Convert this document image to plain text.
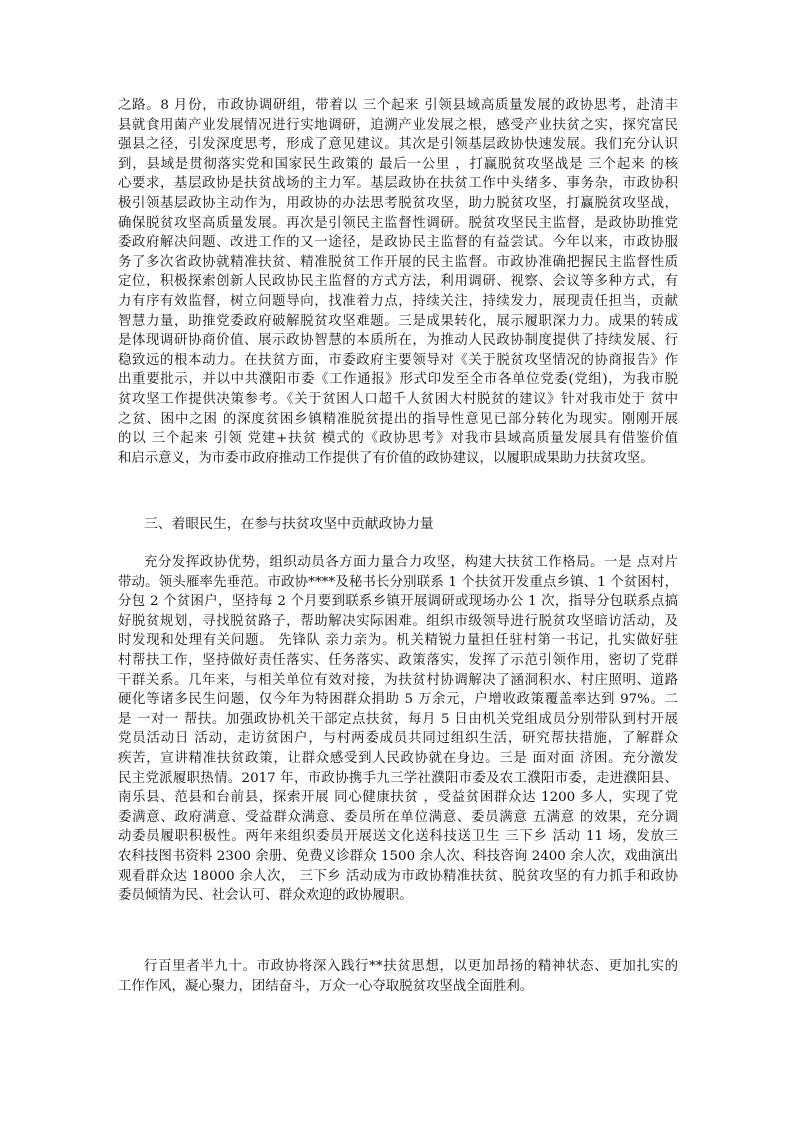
之路。8 月份，市政协调研组，带着以 三个起来 引领县域高质量发展的政协思考，赴清丰
县就食用菌产业发展情况进行实地调研，追溯产业发展之根，感受产业扶贫之实，探究富民
强县之径，引发深度思考，形成了意见建议。其次是引领基层政协快速发展。我们充分认识
到，县域是贯彻落实党和国家民生政策的 最后一公里 ，打赢脱贫攻坚战是 三个起来 的核
心要求，基层政协是扶贫战场的主力军。基层政协在扶贫工作中头绪多、事务杂，市政协积
极引领基层政协主动作为，用政协的办法思考脱贫攻坚，助力脱贫攻坚，打赢脱贫攻坚战，
确保脱贫攻坚高质量发展。再次是引领民主监督性调研。脱贫攻坚民主监督，是政协助推党
委政府解决问题、改进工作的又一途径，是政协民主监督的有益尝试。今年以来，市政协服
务了多次省政协就精准扶贫、精准脱贫工作开展的民主监督。市政协准确把握民主监督性质
定位，积极探索创新人民政协民主监督的方式方法，利用调研、视察、会议等多种方式，有
力有序有效监督，树立问题导向，找准着力点，持续关注，持续发力，展现责任担当，贡献
智慧力量，助推党委政府破解脱贫攻坚难题。三是成果转化，展示履职深力力。成果的转成
是体现调研协商价值、展示政协智慧的本质所在，为推动人民政协制度提供了持续发展、行
稳致远的根本动力。在扶贫方面，市委政府主要领导对《关于脱贫攻坚情况的协商报告》作
出重要批示，并以中共濮阳市委《工作通报》形式印发至全市各单位党委(党组)，为我市脱
贫攻坚工作提供决策参考。《关于贫困人口超千人贫困大村脱贫的建议》针对我市处于 贫中
之贫、困中之困 的深度贫困乡镇精准脱贫提出的指导性意见已部分转化为现实。刚刚开展
的以 三个起来 引领 党建+扶贫 模式的《政协思考》对我市县域高质量发展具有借鉴价值
和启示意义，为市委市政府推动工作提供了有价值的政协建议，以履职成果助力扶贫攻坚。
三、着眼民生，在参与扶贫攻坚中贡献政协力量
充分发挥政协优势，组织动员各方面力量合力攻坚，构建大扶贫工作格局。一是 点对片
带动。领头雁率先垂范。市政协****及秘书长分别联系 1 个扶贫开发重点乡镇、1 个贫困村，
分包 2 个贫困户，坚持每 2 个月要到联系乡镇开展调研或现场办公 1 次，指导分包联系点搞
好脱贫规划，寻找脱贫路子，帮助解决实际困难。组织市级领导进行脱贫攻坚暗访活动，及
时发现和处理有关问题。 先锋队 亲力亲为。机关精锐力量担任驻村第一书记，扎实做好驻
村帮扶工作，坚持做好责任落实、任务落实、政策落实，发挥了示范引领作用，密切了党群
干群关系。几年来，与相关单位有效对接，为扶贫村协调解决了涵洞积水、村庄照明、道路
硬化等诸多民生问题，仅今年为特困群众捐助 5 万余元，户增收政策覆盖率达到 97%。二
是 一对一 帮扶。加强政协机关干部定点扶贫，每月 5 日由机关党组成员分别带队到村开展
党员活动日 活动，走访贫困户，与村两委成员共同过组织生活，研究帮扶措施，了解群众
疾苦，宣讲精准扶贫政策，让群众感受到人民政协就在身边。三是 面对面 济困。充分激发
民主党派履职热情。2017 年，市政协携手九三学社濮阳市委及农工濮阳市委，走进濮阳县、
南乐县、范县和台前县，探索开展 同心健康扶贫 ，受益贫困群众达 1200 多人，实现了党
委满意、政府满意、受益群众满意、委员所在单位满意、委员满意 五满意 的效果，充分调
动委员履职积极性。两年来组织委员开展送文化送科技送卫生 三下乡 活动 11 场，发放三
农科技图书资料 2300 余册、免费义诊群众 1500 余人次、科技咨询 2400 余人次，戏曲演出
观看群众达 18000 余人次， 三下乡 活动成为市政协精准扶贫、脱贫攻坚的有力抓手和政协
委员倾情为民、社会认可、群众欢迎的政协履职。
行百里者半九十。市政协将深入践行**扶贫思想，以更加昂扬的精神状态、更加扎实的
工作作风，凝心聚力，团结奋斗，万众一心夺取脱贫攻坚战全面胜利。
